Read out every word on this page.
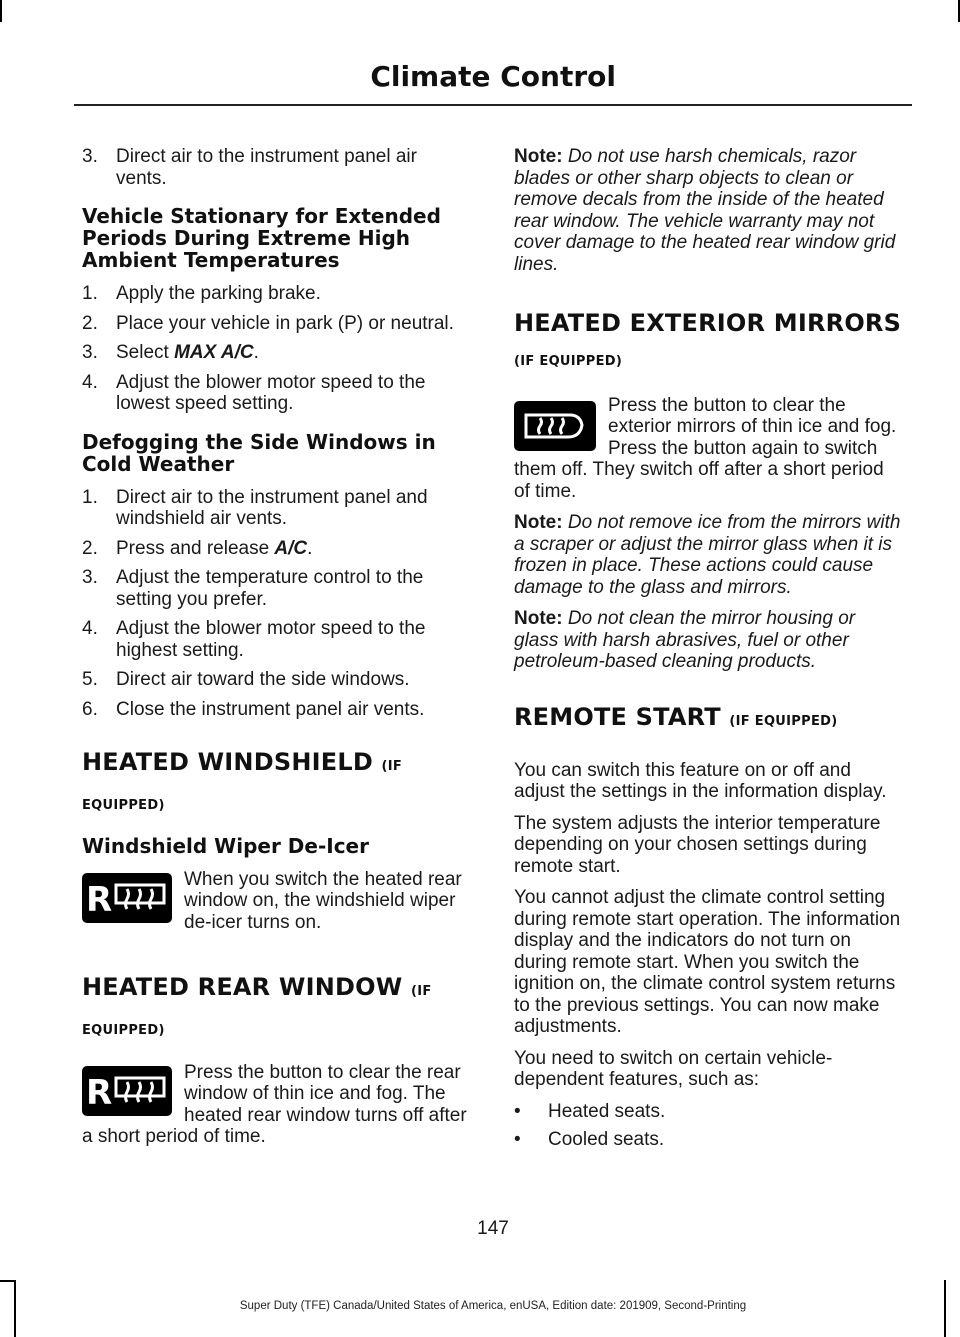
Climate Control
3. Direct air to the instrument panel air vents.
Vehicle Stationary for Extended Periods During Extreme High Ambient Temperatures
1. Apply the parking brake.
2. Place your vehicle in park (P) or neutral.
3. Select MAX A/C.
4. Adjust the blower motor speed to the lowest speed setting.
Defogging the Side Windows in Cold Weather
1. Direct air to the instrument panel and windshield air vents.
2. Press and release A/C.
3. Adjust the temperature control to the setting you prefer.
4. Adjust the blower motor speed to the highest setting.
5. Direct air toward the side windows.
6. Close the instrument panel air vents.
HEATED WINDSHIELD (IF
EQUIPPED)
Windshield Wiper De-Icer
R

When you switch the heated rear window on, the windshield wiper de-icer turns on.

HEATED REAR WINDOW (IF
EQUIPPED)
R

Press the button to clear the rear window of thin ice and fog. The heated rear window turns off after a short period of time.

Note: Do not use harsh chemicals, razor blades or other sharp objects to clean or remove decals from the inside of the heated rear window. The vehicle warranty may not cover damage to the heated rear window grid lines.

HEATED EXTERIOR MIRRORS
(IF EQUIPPED)

Press the button to clear the exterior mirrors of thin ice and fog. Press the button again to switch them off. They switch off after a short period of time.

Note: Do not remove ice from the mirrors with a scraper or adjust the mirror glass when it is frozen in place. These actions could cause damage to the glass and mirrors.

Note: Do not clean the mirror housing or glass with harsh abrasives, fuel or other petroleum-based cleaning products.

REMOTE START (IF EQUIPPED)

You can switch this feature on or off and adjust the settings in the information display.

The system adjusts the interior temperature depending on your chosen settings during remote start.

You cannot adjust the climate control setting during remote start operation. The information display and the indicators do not turn on during remote start. When you switch the ignition on, the climate control system returns to the previous settings. You can now make adjustments.

You need to switch on certain vehicle-dependent features, such as:

• Heated seats.
• Cooled seats.
147
Super Duty (TFE) Canada/United States of America, enUSA, Edition date: 201909, Second-Printing
